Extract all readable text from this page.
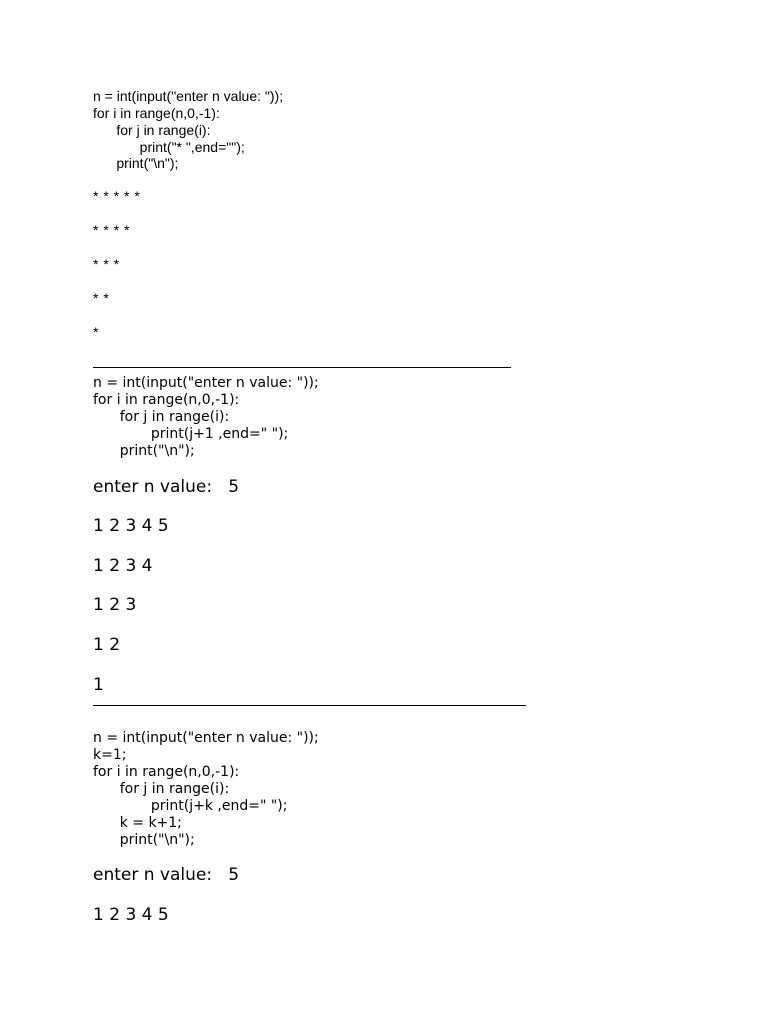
n = int(input("enter n value: "));
for i in range(n,0,-1):
for j in range(i):
print("* ",end="");
print("\n");
* * * * *
* * * *
* * *
* *
*
n = int(input("enter n value: "));
for i in range(n,0,-1):
for j in range(i):
print(j+1 ,end=" ");
print("\n");
enter n value:   5
1 2 3 4 5
1 2 3 4
1 2 3
1 2
1
n = int(input("enter n value: "));
k=1;
for i in range(n,0,-1):
for j in range(i):
print(j+k ,end=" ");
k = k+1;
print("\n");
enter n value:   5
1 2 3 4 5
